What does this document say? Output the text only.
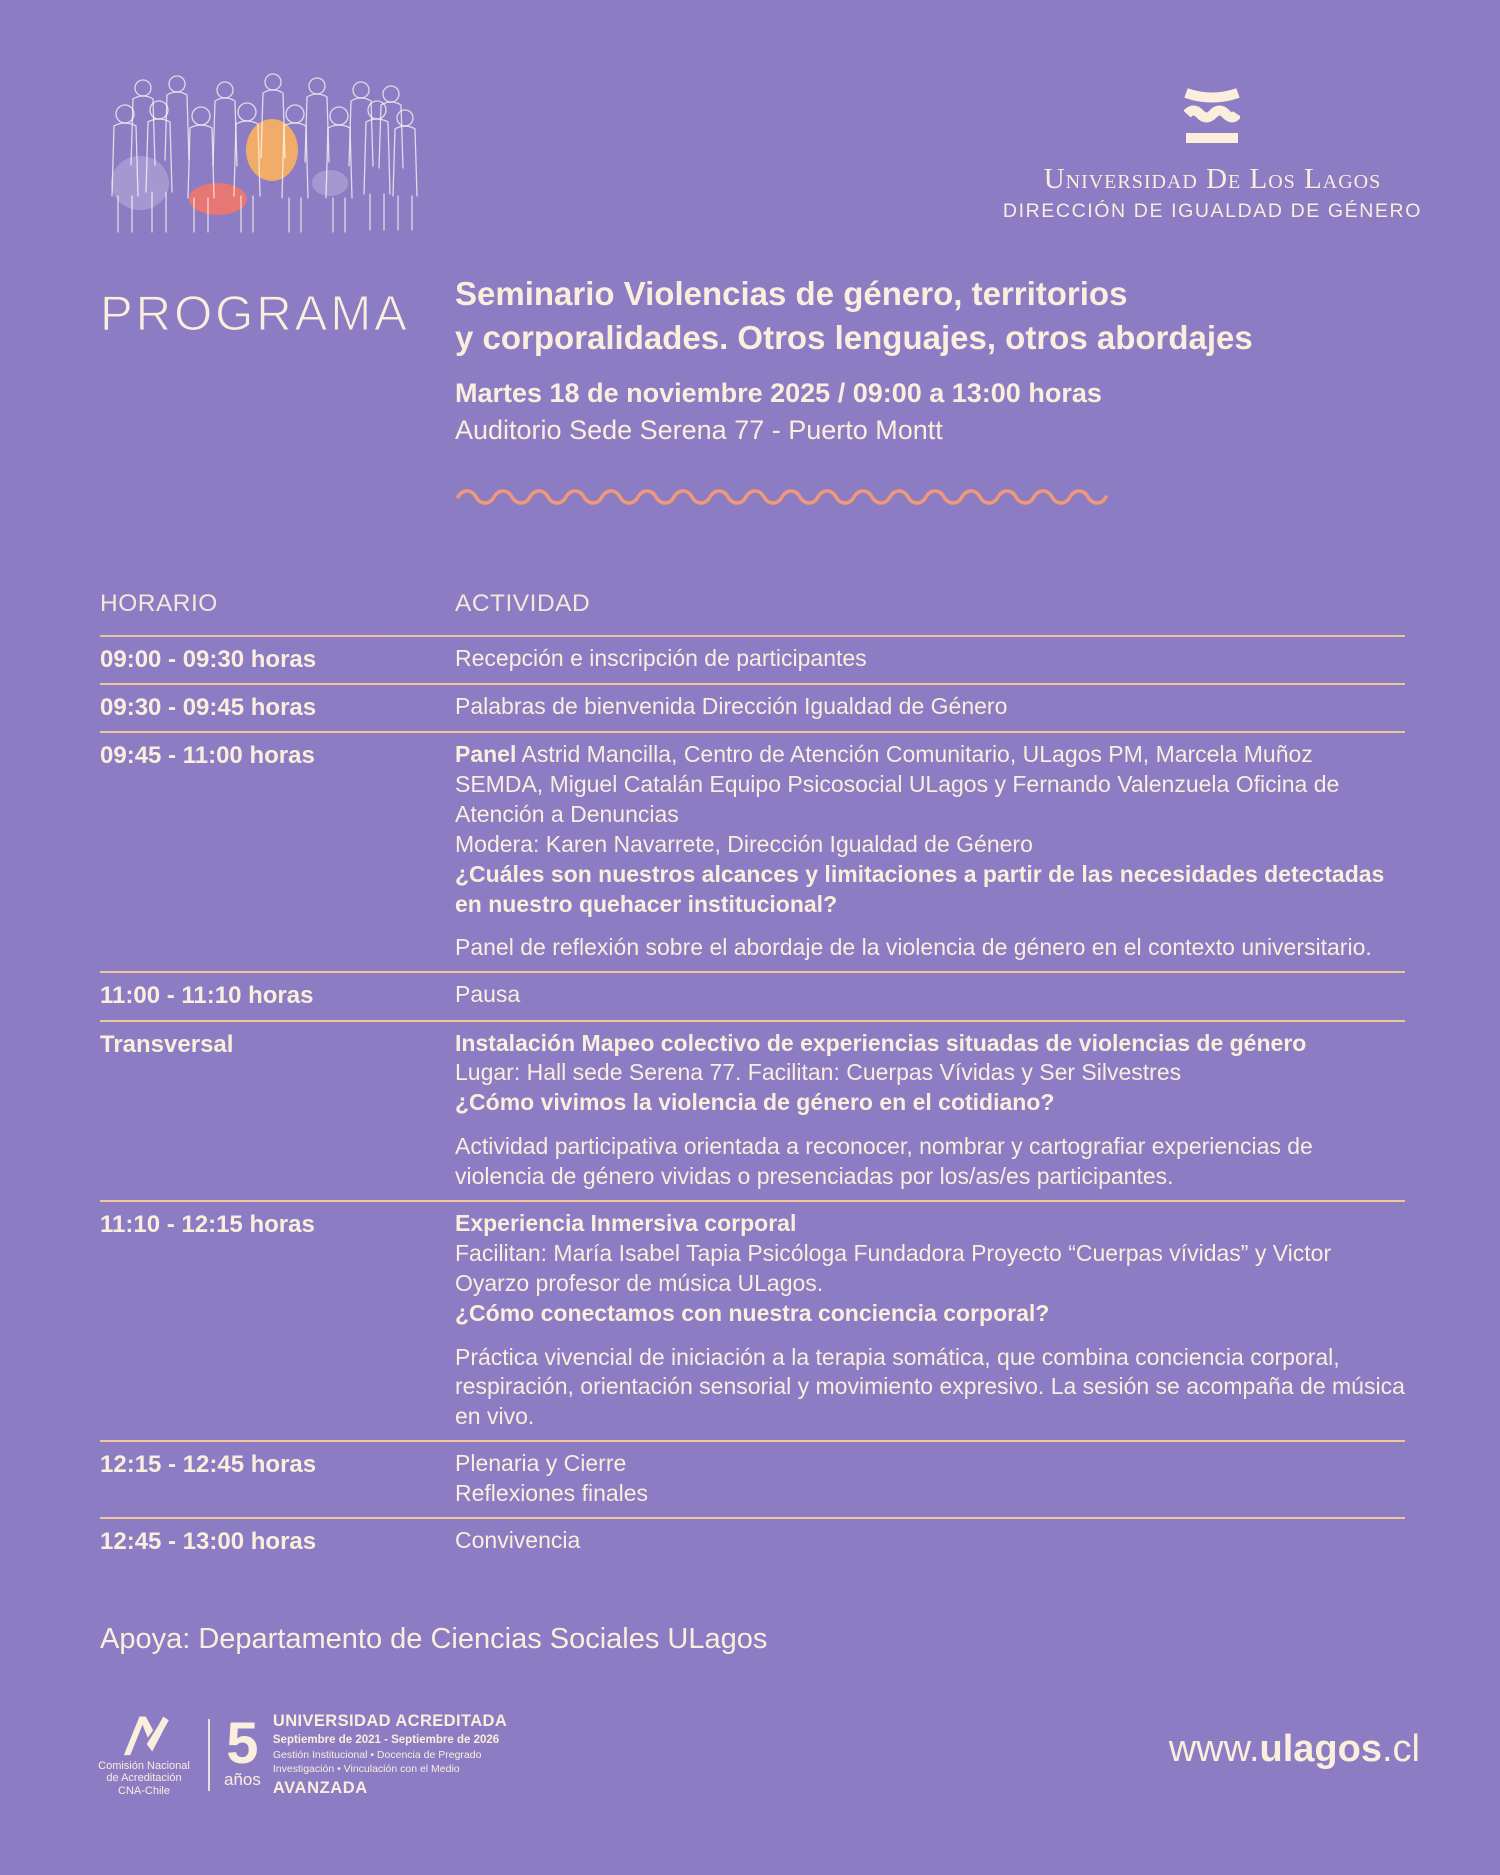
Universidad De Los Lagos
DIRECCIÓN DE IGUALDAD DE GÉNERO
PROGRAMA	Seminario Violencias de género, territorios
y corporalidades. Otros lenguajes, otros abordajes
Martes 18 de noviembre 2025 / 09:00 a 13:00 horas
Auditorio Sede Serena 77 - Puerto Montt
HORARIO	ACTIVIDAD
09:00 - 09:30 horas	Recepción e inscripción de participantes
09:30 - 09:45 horas	Palabras de bienvenida Dirección Igualdad de Género
09:45 - 11:00 horas	Panel Astrid Mancilla, Centro de Atención Comunitario, ULagos PM, Marcela Muñoz SEMDA, Miguel Catalán Equipo Psicosocial ULagos y Fernando Valenzuela Oficina de Atención a Denuncias
Modera: Karen Navarrete, Dirección Igualdad de Género
¿Cuáles son nuestros alcances y limitaciones a partir de las necesidades detectadas en nuestro quehacer institucional?
Panel de reflexión sobre el abordaje de la violencia de género en el contexto universitario.
11:00 - 11:10 horas	Pausa
Transversal	Instalación Mapeo colectivo de experiencias situadas de violencias de género
Lugar: Hall sede Serena 77. Facilitan: Cuerpas Vívidas y Ser Silvestres
¿Cómo vivimos la violencia de género en el cotidiano?
Actividad participativa orientada a reconocer, nombrar y cartografiar experiencias de violencia de género vividas o presenciadas por los/as/es participantes.
11:10 - 12:15 horas	Experiencia Inmersiva corporal
Facilitan: María Isabel Tapia Psicóloga Fundadora Proyecto “Cuerpas vívidas” y Victor Oyarzo profesor de música ULagos.
¿Cómo conectamos con nuestra conciencia corporal?
Práctica vivencial de iniciación a la terapia somática, que combina conciencia corporal, respiración, orientación sensorial y movimiento expresivo. La sesión se acompaña de música en vivo.
12:15 - 12:45 horas	Plenaria y Cierre
Reflexiones finales
12:45 - 13:00 horas	Convivencia
Apoya: Departamento de Ciencias Sociales ULagos
Comisión Nacional
de Acreditación
CNA-Chile
5
años
UNIVERSIDAD ACREDITADA
Septiembre de 2021 - Septiembre de 2026
Gestión Institucional • Docencia de Pregrado
Investigación • Vinculación con el Medio
AVANZADA
www.ulagos.cl
